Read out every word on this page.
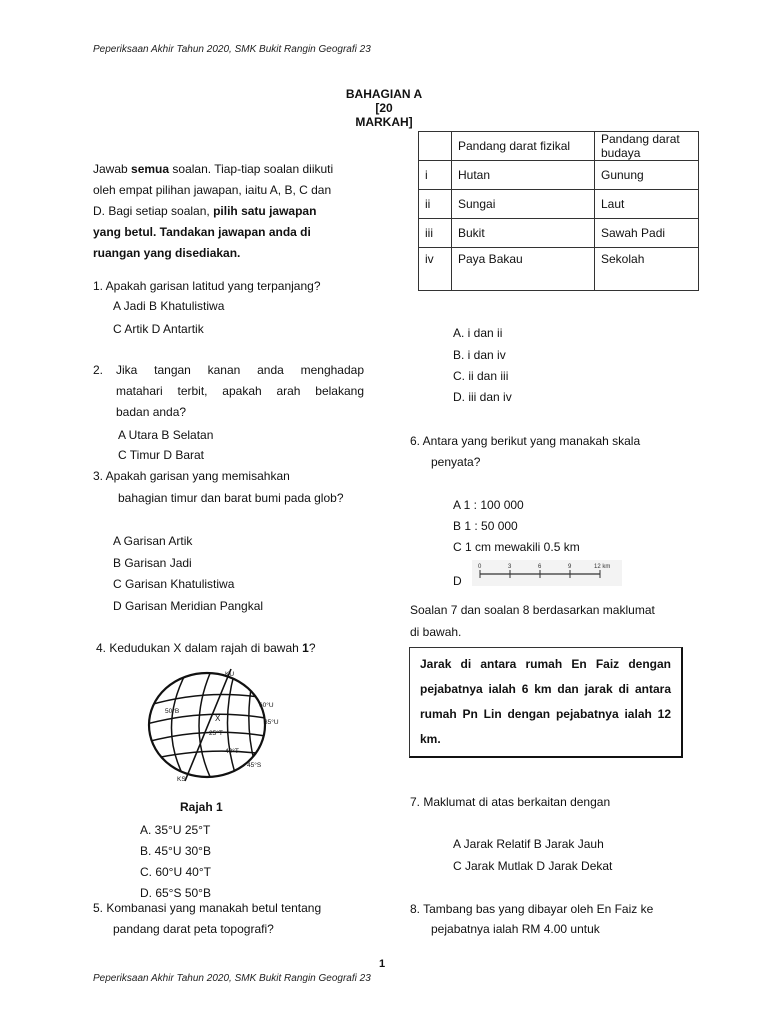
Peperiksaan Akhir Tahun 2020, SMK Bukit Rangin Geografi 23
1
Peperiksaan Akhir Tahun 2020, SMK Bukit Rangin Geografi 23
BAHAGIAN A
[20
MARKAH]
Jawab semua soalan. Tiap-tiap soalan diikuti
oleh empat pilihan jawapan, iaitu A, B, C dan
D. Bagi setiap soalan, pilih satu jawapan
yang betul. Tandakan jawapan anda di
ruangan yang disediakan.
1. Apakah garisan latitud yang terpanjang?
A Jadi B Khatulistiwa
C Artik D Antartik
2. Jika tangan kanan anda menghadap
matahari terbit, apakah arah belakang
badan anda?
A Utara B Selatan
C Timur D Barat
3. Apakah garisan yang memisahkan
bahagian timur dan barat bumi pada glob?
A Garisan Artik
B Garisan Jadi
C Garisan Khatulistiwa
D Garisan Meridian Pangkal
4. Kedudukan X dalam rajah di bawah 1?
KU
KS
60°U
35°U
50°B
X
25°T
40°T
45°S
Rajah 1
A. 35°U 25°T
B. 45°U 30°B
C. 60°U 40°T
D. 65°S 50°B
5. Kombanasi yang manakah betul tentang
pandang darat peta topografi?
	Pandang darat fizikal	Pandang darat budaya
i	Hutan	Gunung
ii	Sungai	Laut
iii	Bukit	Sawah Padi
iv	Paya Bakau	Sekolah
A. i dan ii
B. i dan iv
C. ii dan iii
D. iii dan iv
6. Antara yang berikut yang manakah skala
penyata?
A 1 : 100 000
B 1 : 50 000
C 1 cm mewakili 0.5 km
D
0	3	6	9	12 km
Soalan 7 dan soalan 8 berdasarkan maklumat
di bawah.
Jarak di antara rumah En Faiz dengan
pejabatnya ialah 6 km dan jarak di antara
rumah Pn Lin dengan pejabatnya ialah 12
km.
7. Maklumat di atas berkaitan dengan
A Jarak Relatif B Jarak Jauh
C Jarak Mutlak D Jarak Dekat
8. Tambang bas yang dibayar oleh En Faiz ke
pejabatnya ialah RM 4.00 untuk
